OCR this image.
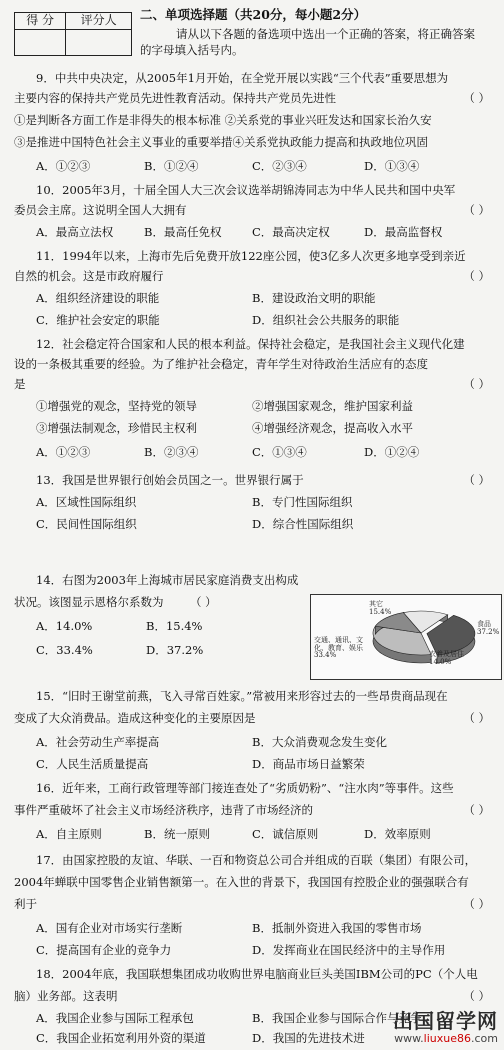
得 分	评分人
	二、单项选择题（共20分，每小题2分）
请从以下各题的备选项中选出一个正确的答案，将正确答案
的字母填入括号内。
9．中共中央决定，从2005年1月开始，在全党开展以实践“三个代表”重要思想为
主要内容的保持共产党员先进性教育活动。保持共产党员先进性	（ ）
①是判断各方面工作是非得失的根本标准 ②关系党的事业兴旺发达和国家长治久安
③是推进中国特色社会主义事业的重要举措④关系党执政能力提高和执政地位巩固
A．①②③	B．①②④	C．②③④	D．①③④
10．2005年3月，十届全国人大三次会议选举胡锦涛同志为中华人民共和国中央军
委员会主席。这说明全国人大拥有	（ ）
A．最高立法权	B．最高任免权	C．最高决定权	D．最高监督权
11．1994年以来，上海市先后免费开放122座公园，使3亿多人次更多地享受到亲近
自然的机会。这是市政府履行	（ ）
A．组织经济建设的职能	B．建设政治文明的职能
C．维护社会安定的职能	D．组织社会公共服务的职能
12．社会稳定符合国家和人民的根本利益。保持社会稳定，是我国社会主义现代化建
设的一条极其重要的经验。为了维护社会稳定，青年学生对待政治生活应有的态度
是	（ ）
①增强党的观念，坚持党的领导	②增强国家观念，维护国家利益
③增强法制观念，珍惜民主权利	④增强经济观念，提高收入水平
A．①②③	B．②③④	C．①③④	D．①②④
13．我国是世界银行创始会员国之一。世界银行属于	（ ）
A．区域性国际组织	B．专门性国际组织
C．民间性国际组织	D．综合性国际组织
14．右图为2003年上海城市居民家庭消费支出构成
状况。该图显示恩格尔系数为 （ ）
A．14.0%	B．15.4%
C．33.4%	D．37.2%
其它
15.4%
食品
37.2%
交通、通讯、文化、教育、娱乐
33.4%	衣着及居住
14.0%
15．“旧时王谢堂前燕，飞入寻常百姓家。”常被用来形容过去的一些昂贵商品现在
变成了大众消费品。造成这种变化的主要原因是	（ ）
A．社会劳动生产率提高	B．大众消费观念发生变化
C．人民生活质量提高	D．商品市场日益繁荣
16．近年来，工商行政管理等部门接连查处了“劣质奶粉”、“注水肉”等事件。这些
事件严重破坏了社会主义市场经济秩序，违背了市场经济的	（ ）
A．自主原则	B．统一原则	C．诚信原则	D．效率原则
17．由国家控股的友谊、华联、一百和物资总公司合并组成的百联（集团）有限公司，
2004年蝉联中国零售企业销售额第一。在入世的背景下，我国国有控股企业的强强联合有
利于	（ ）
A．国有企业对市场实行垄断	B．抵制外资进入我国的零售市场
C．提高国有企业的竞争力	D．发挥商业在国民经济中的主导作用
18．2004年底，我国联想集团成功收购世界电脑商业巨头美国IBM公司的PC（个人电
脑）业务部。这表明	（ ）
A．我国企业参与国际工程承包	B．我国企业参与国际合作与竞争
C．我国企业拓宽利用外资的渠道	D．我国的先进技术进
出国留学网
www.liuxue86.com
